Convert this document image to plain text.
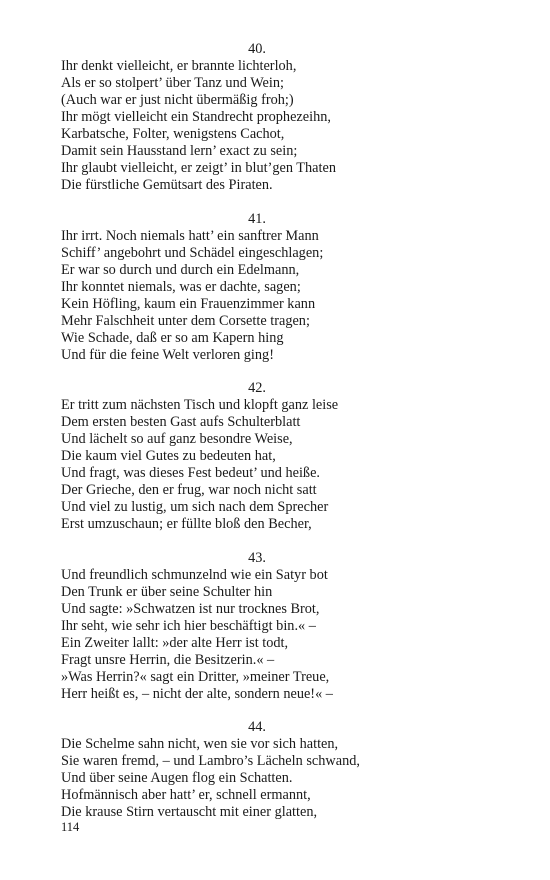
40.
Ihr denkt vielleicht, er brannte lichterloh,
Als er so stolpert’ über Tanz und Wein;
(Auch war er just nicht übermäßig froh;)
Ihr mögt vielleicht ein Standrecht prophezeihn,
Karbatsche, Folter, wenigstens Cachot,
Damit sein Hausstand lern’ exact zu sein;
Ihr glaubt vielleicht, er zeigt’ in blut’gen Thaten
Die fürstliche Gemütsart des Piraten.
41.
Ihr irrt. Noch niemals hatt’ ein sanftrer Mann
Schiff’ angebohrt und Schädel eingeschlagen;
Er war so durch und durch ein Edelmann,
Ihr konntet niemals, was er dachte, sagen;
Kein Höfling, kaum ein Frauenzimmer kann
Mehr Falschheit unter dem Corsette tragen;
Wie Schade, daß er so am Kapern hing
Und für die feine Welt verloren ging!
42.
Er tritt zum nächsten Tisch und klopft ganz leise
Dem ersten besten Gast aufs Schulterblatt
Und lächelt so auf ganz besondre Weise,
Die kaum viel Gutes zu bedeuten hat,
Und fragt, was dieses Fest bedeut’ und heiße.
Der Grieche, den er frug, war noch nicht satt
Und viel zu lustig, um sich nach dem Sprecher
Erst umzuschaun; er füllte bloß den Becher,
43.
Und freundlich schmunzelnd wie ein Satyr bot
Den Trunk er über seine Schulter hin
Und sagte: »Schwatzen ist nur trocknes Brot,
Ihr seht, wie sehr ich hier beschäftigt bin.« –
Ein Zweiter lallt: »der alte Herr ist todt,
Fragt unsre Herrin, die Besitzerin.« –
»Was Herrin?« sagt ein Dritter, »meiner Treue,
Herr heißt es, – nicht der alte, sondern neue!« –
44.
Die Schelme sahn nicht, wen sie vor sich hatten,
Sie waren fremd, – und Lambro’s Lächeln schwand,
Und über seine Augen flog ein Schatten.
Hofmännisch aber hatt’ er, schnell ermannt,
Die krause Stirn vertauscht mit einer glatten,
114
